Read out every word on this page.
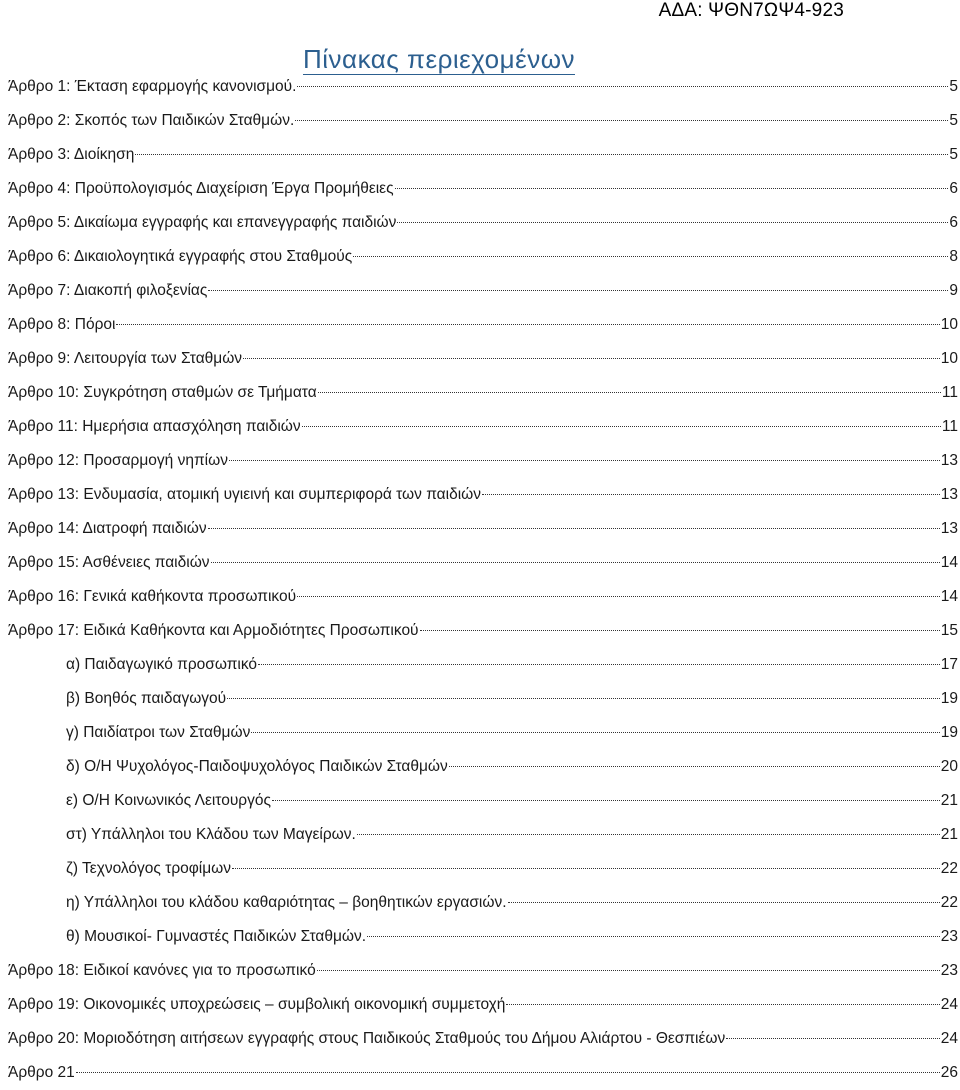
ΑΔΑ: ΨΘΝ7ΩΨ4-923
Πίνακας περιεχομένων
Άρθρο 1: Έκταση εφαρμογής κανονισμού.	5
Άρθρο 2: Σκοπός των Παιδικών Σταθμών.	5
Άρθρο 3: Διοίκηση	5
Άρθρο 4: Προϋπολογισμός Διαχείριση Έργα Προμήθειες	6
Άρθρο 5: Δικαίωμα εγγραφής και επανεγγραφής παιδιών	6
Άρθρο 6: Δικαιολογητικά εγγραφής στου Σταθμούς	8
Άρθρο 7: Διακοπή φιλοξενίας	9
Άρθρο 8: Πόροι	10
Άρθρο 9: Λειτουργία των Σταθμών	10
Άρθρο 10: Συγκρότηση σταθμών σε Τμήματα	11
Άρθρο 11: Ημερήσια απασχόληση παιδιών	11
Άρθρο 12: Προσαρμογή νηπίων	13
Άρθρο 13: Ενδυμασία, ατομική υγιεινή και συμπεριφορά των παιδιών	13
Άρθρο 14: Διατροφή παιδιών	13
Άρθρο 15: Ασθένειες παιδιών	14
Άρθρο 16: Γενικά καθήκοντα προσωπικού	14
Άρθρο 17: Ειδικά Καθήκοντα και Αρμοδιότητες Προσωπικού	15
α) Παιδαγωγικό προσωπικό	17
β) Βοηθός παιδαγωγού	19
γ) Παιδίατροι των Σταθμών	19
δ) Ο/Η Ψυχολόγος-Παιδοψυχολόγος Παιδικών Σταθμών	20
ε) Ο/Η Κοινωνικός Λειτουργός	21
στ) Υπάλληλοι του Κλάδου των Μαγείρων.	21
ζ) Τεχνολόγος τροφίμων	22
η) Υπάλληλοι του κλάδου καθαριότητας – βοηθητικών εργασιών.	22
θ) Μουσικοί- Γυμναστές Παιδικών Σταθμών.	23
Άρθρο 18: Ειδικοί κανόνες για το προσωπικό	23
Άρθρο 19: Οικονομικές υποχρεώσεις – συμβολική οικονομική συμμετοχή	24
Άρθρο 20: Μοριοδότηση αιτήσεων εγγραφής στους Παιδικούς Σταθμούς του Δήμου Αλιάρτου - Θεσπιέων	24
Άρθρο 21	26
